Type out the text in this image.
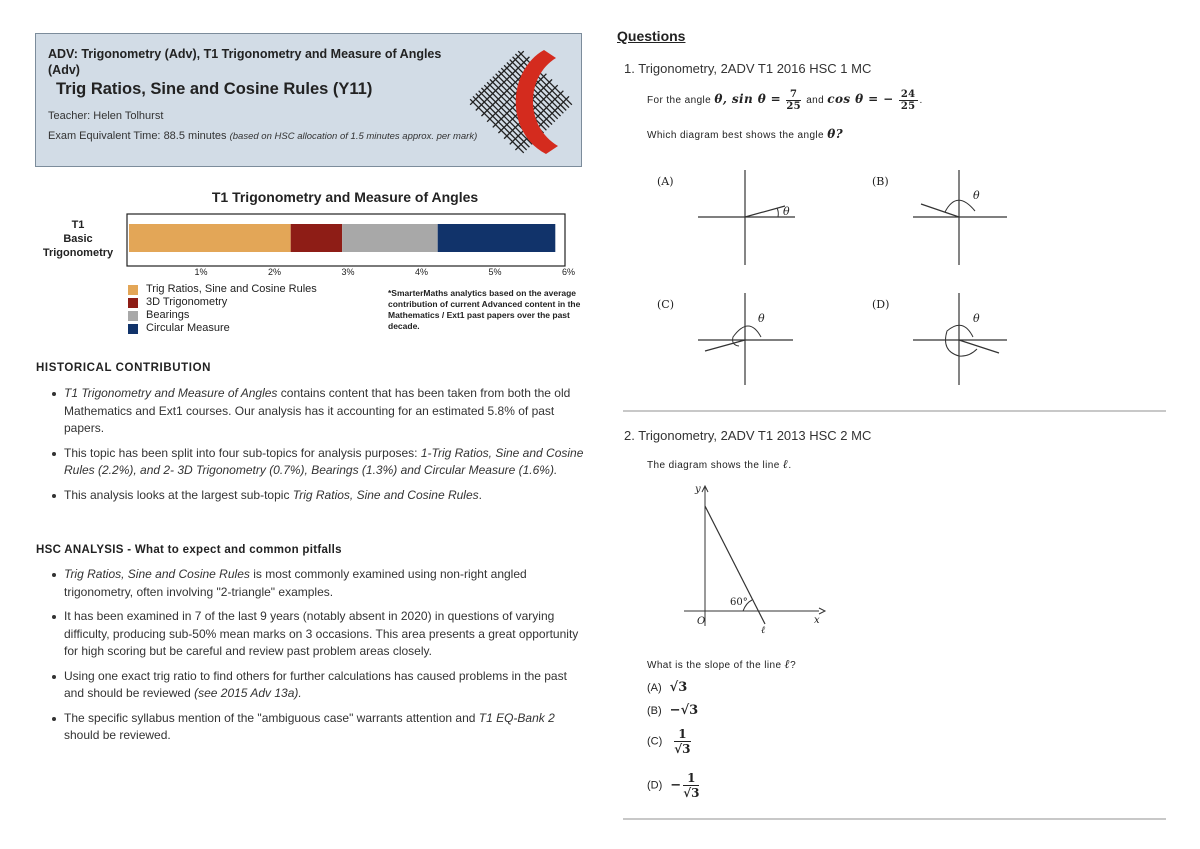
ADV: Trigonometry (Adv), T1 Trigonometry and Measure of Angles (Adv)
Trig Ratios, Sine and Cosine Rules (Y11)
Teacher: Helen Tolhurst
Exam Equivalent Time: 88.5 minutes (based on HSC allocation of 1.5 minutes approx. per mark)
T1 Trigonometry and Measure of Angles
T1
Basic
Trigonometry
1%	2%	3%	4%	5%	6%
Trig Ratios, Sine and Cosine Rules
3D Trigonometry
Bearings
Circular Measure
*SmarterMaths analytics based on the average contribution of current Advanced content in the Mathematics / Ext1 past papers over the past decade.
HISTORICAL CONTRIBUTION
T1 Trigonometry and Measure of Angles contains content that has been taken from both the old Mathematics and Ext1 courses. Our analysis has it accounting for an estimated 5.8% of past papers.
This topic has been split into four sub-topics for analysis purposes: 1-Trig Ratios, Sine and Cosine Rules (2.2%), and 2- 3D Trigonometry (0.7%), Bearings (1.3%) and Circular Measure (1.6%).
This analysis looks at the largest sub-topic Trig Ratios, Sine and Cosine Rules.
HSC ANALYSIS - What to expect and common pitfalls
Trig Ratios, Sine and Cosine Rules is most commonly examined using non-right angled trigonometry, often involving "2-triangle" examples.
It has been examined in 7 of the last 9 years (notably absent in 2020) in questions of varying difficulty, producing sub-50% mean marks on 3 occasions. This area presents a great opportunity for high scoring but be careful and review past problem areas closely.
Using one exact trig ratio to find others for further calculations has caused problems in the past and should be reviewed (see 2015 Adv 13a).
The specific syllabus mention of the "ambiguous case" warrants attention and T1 EQ-Bank 2 should be reviewed.
Questions
1. Trigonometry, 2ADV T1 2016 HSC 1 MC
For the angle θ, $\sin \theta = \frac{7}{25}$ and cos θ = − $\frac{24}{25}$ .
Which diagram best shows the angle θ?
(A)
θ
(B)
θ
(C)
θ
(D)
θ
2. Trigonometry, 2ADV T1 2013 HSC 2 MC
The diagram shows the line ℓ.
y
x
O
60°
ℓ
What is the slope of the line ℓ?
(A) √3
(B) −√3
$(C) \frac{1}{√3}$
$(D) - \frac{1}{√3}$
